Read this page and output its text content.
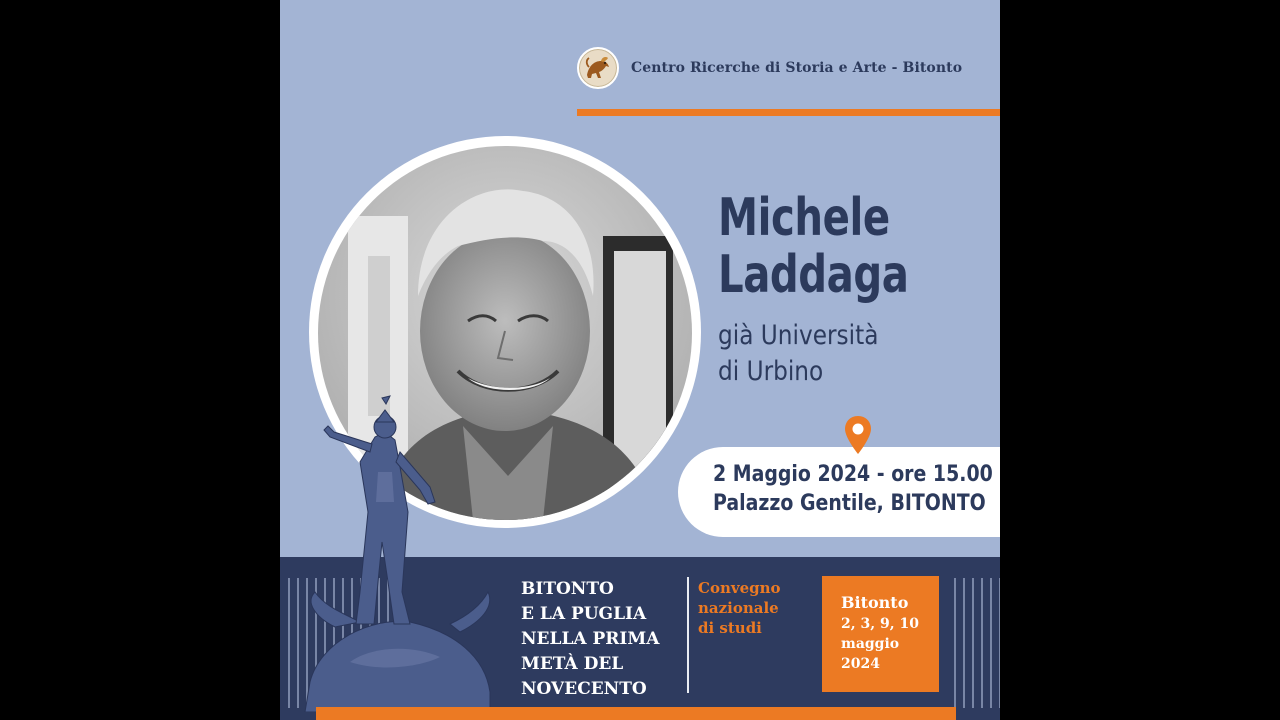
Centro Ricerche di Storia e Arte - Bitonto
Michele
Laddaga
già Università
di Urbino
2 Maggio 2024 - ore 15.00
Palazzo Gentile, BITONTO
BITONTO
E LA PUGLIA
NELLA PRIMA
METÀ DEL
NOVECENTO
Convegno
nazionale
di studi
Bitonto
2, 3, 9, 10
maggio
2024
